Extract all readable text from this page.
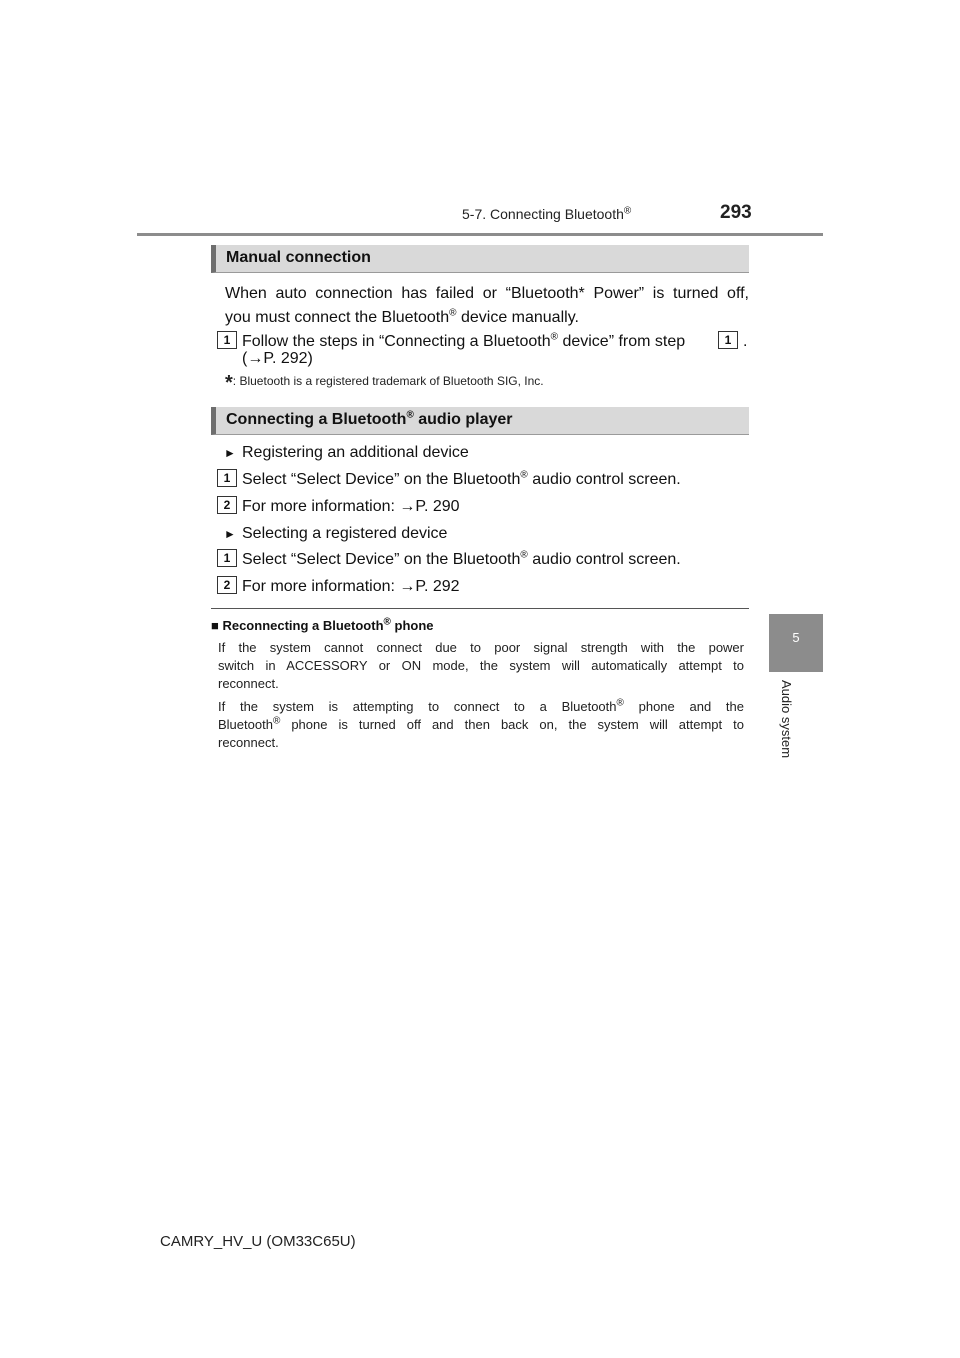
5-7. Connecting Bluetooth®	293
5
Audio system
Manual connection
When auto connection has failed or “Bluetooth* Power” is turned off,
you must connect the Bluetooth® device manually.
1 Follow the steps in “Connecting a Bluetooth® device” from step	1 .
(→P. 292)
*: Bluetooth is a registered trademark of Bluetooth SIG, Inc.
Connecting a Bluetooth® audio player
► Registering an additional device
1 Select “Select Device” on the Bluetooth® audio control screen.
2 For more information: →P. 290
► Selecting a registered device
1 Select “Select Device” on the Bluetooth® audio control screen.
2 For more information: →P. 292
■ Reconnecting a Bluetooth® phone
If the system cannot connect due to poor signal strength with the power
switch in ACCESSORY or ON mode, the system will automatically attempt to
reconnect.
If the system is attempting to connect to a Bluetooth® phone and the
Bluetooth® phone is turned off and then back on, the system will attempt to
reconnect.
CAMRY_HV_U (OM33C65U)
